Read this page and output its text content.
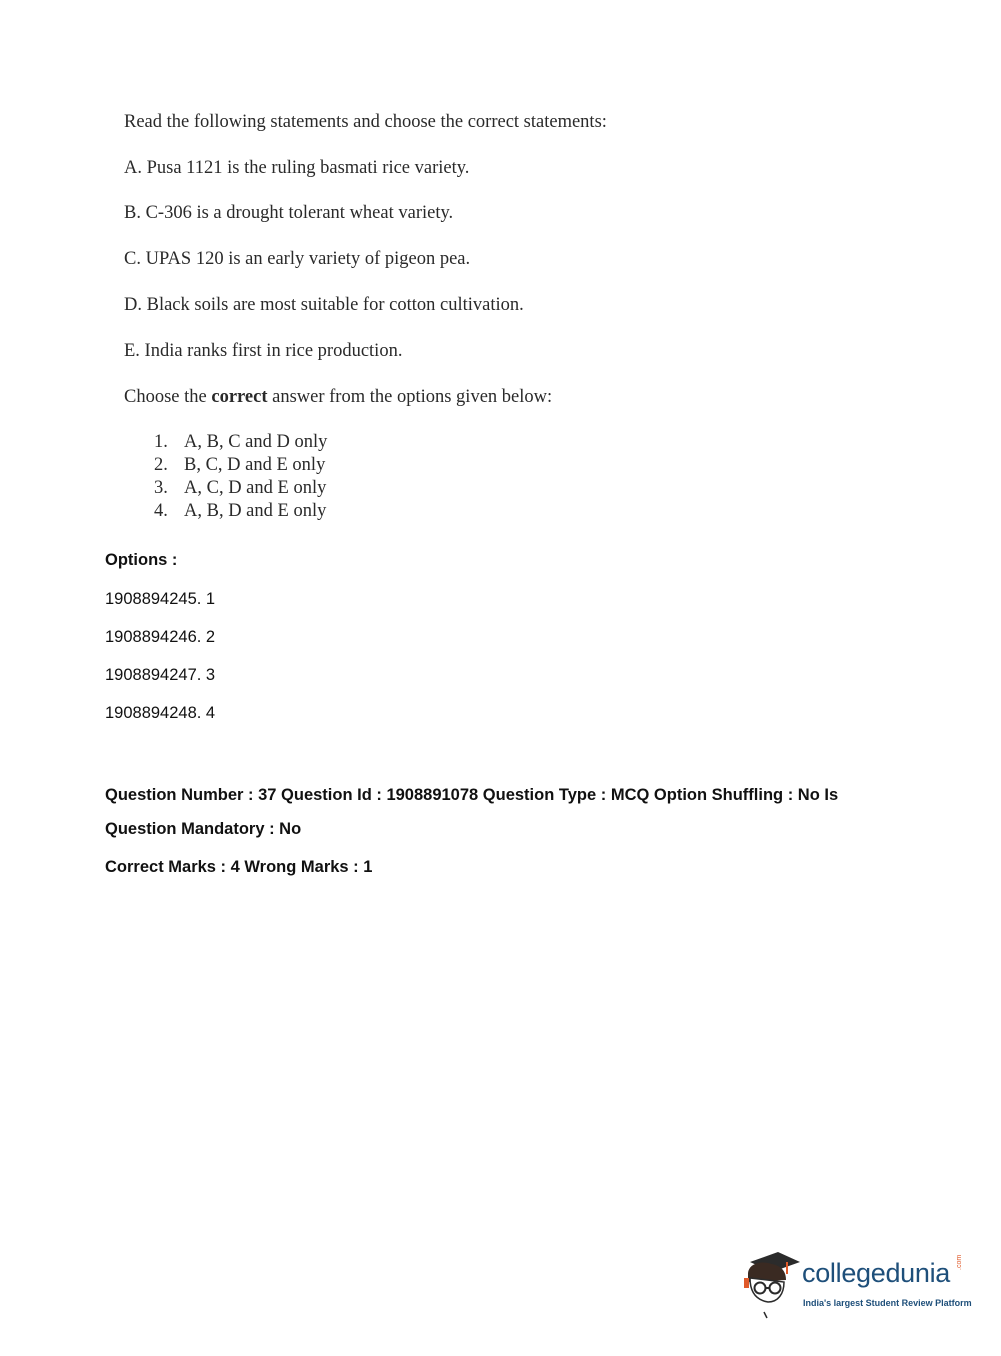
Read the following statements and choose the correct statements:
A. Pusa 1121 is the ruling basmati rice variety.
B. C-306 is a drought tolerant wheat variety.
C. UPAS 120 is an early variety of pigeon pea.
D. Black soils are most suitable for cotton cultivation.
E. India ranks first in rice production.
Choose the correct answer from the options given below:
1. A, B, C and D only
2. B, C, D and E only
3. A, C, D and E only
4. A, B, D and E only
Options :
1908894245. 1
1908894246. 2
1908894247. 3
1908894248. 4
Question Number : 37 Question Id : 1908891078 Question Type : MCQ Option Shuffling : No Is
Question Mandatory : No
Correct Marks : 4 Wrong Marks : 1
collegedunia .com
India's largest Student Review Platform
